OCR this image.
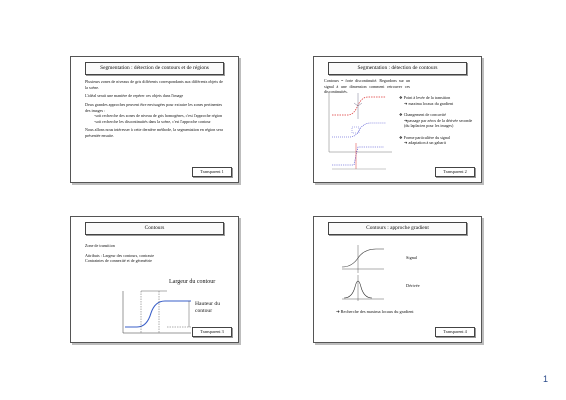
Segmentation : détection de contours et de régions

Plusieurs zones de niveaux de gris différents correspondants aux différents objets de la scène.

L'idéal serait une manière de repérer ces objets dans l'image

Deux grandes approches peuvent être envisagées pour extraire les zones pertinentes des images :

-soit recherche des zones de niveau de gris homogènes, c'est l'approche région

-soit recherche les discontinuités dans la scène, c'est l'approche contour

Nous allons nous intéresser à cette dernière méthode, la segmentation en région sera présentée ensuite.

Transparent 1
Segmentation : détection de contours
Contours = forte discontinuité. Regardons sur un signal à une dimension comment retrouver ces discontinuités.
❖ Point à levée de la transition
➔ maxima locaux du gradient
❖ Changement de concavité
➔passage par zéros de la dérivée seconde (du laplacien pour les images)
❖ Forme particulière du signal
➔ adaptation à un gabarit
Transparent 2
Contours

Zone de transition

Attributs : Largeur des contours, contraste

Contraintes de connexité et de géométrie

Largeur du contour
Hauteur du contour
Transparent 3
Contours : approche gradient
Signal
Dérivée
➔ Recherche des maxima locaux du gradient
Transparent 4
1
